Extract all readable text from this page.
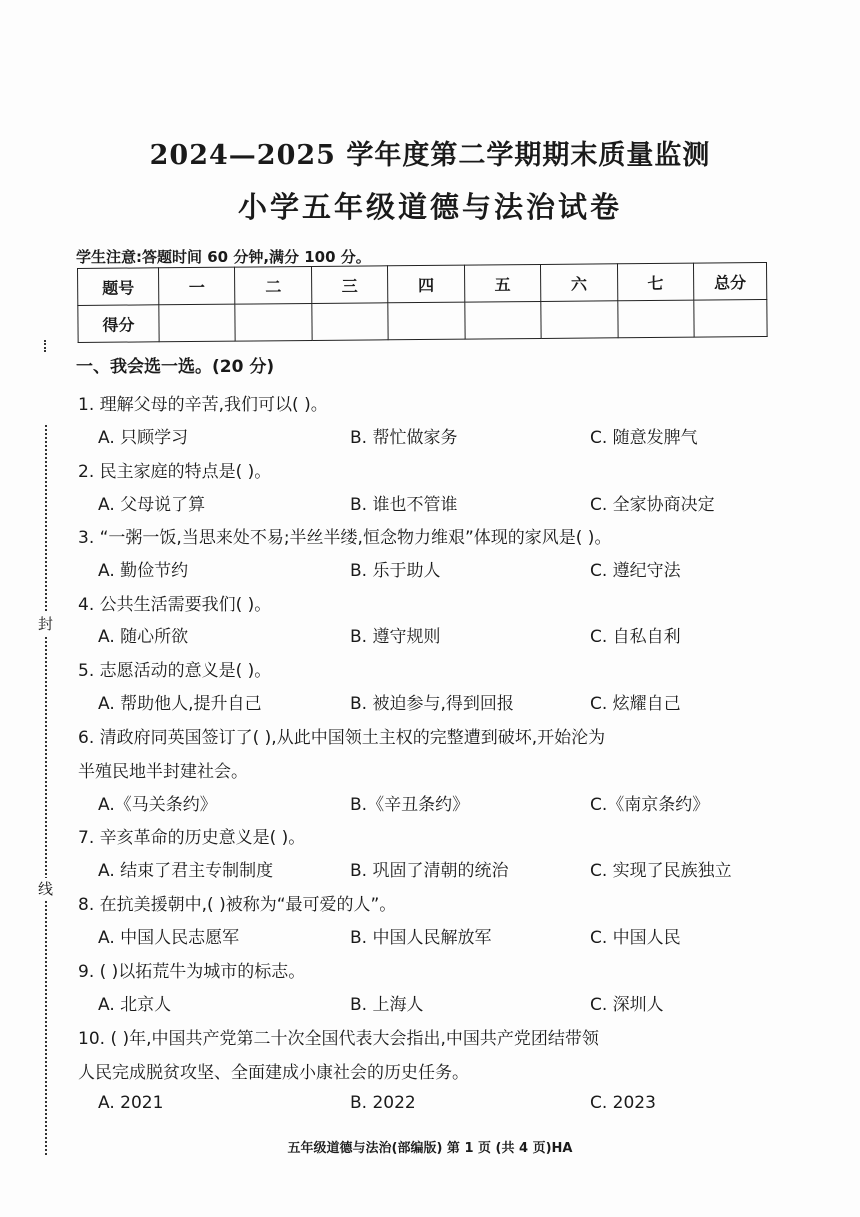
封
线
2024—2025 学年度第二学期期末质量监测
小学五年级道德与法治试卷
学生注意:答题时间 60 分钟,满分 100 分。
题号	一	二	三	四	五	六	七	总分
得分								
一、我会选一选。(20 分)
1. 理解父母的辛苦,我们可以( )。
A. 只顾学习	B. 帮忙做家务	C. 随意发脾气
2. 民主家庭的特点是( )。
A. 父母说了算	B. 谁也不管谁	C. 全家协商决定
3. “一粥一饭,当思来处不易;半丝半缕,恒念物力维艰”体现的家风是( )。
A. 勤俭节约	B. 乐于助人	C. 遵纪守法
4. 公共生活需要我们( )。
A. 随心所欲	B. 遵守规则	C. 自私自利
5. 志愿活动的意义是( )。
A. 帮助他人,提升自己	B. 被迫参与,得到回报	C. 炫耀自己
6. 清政府同英国签订了( ),从此中国领土主权的完整遭到破坏,开始沦为
半殖民地半封建社会。
A.《马关条约》	B.《辛丑条约》	C.《南京条约》
7. 辛亥革命的历史意义是( )。
A. 结束了君主专制制度	B. 巩固了清朝的统治	C. 实现了民族独立
8. 在抗美援朝中,( )被称为“最可爱的人”。
A. 中国人民志愿军	B. 中国人民解放军	C. 中国人民
9. ( )以拓荒牛为城市的标志。
A. 北京人	B. 上海人	C. 深圳人
10. ( )年,中国共产党第二十次全国代表大会指出,中国共产党团结带领
人民完成脱贫攻坚、全面建成小康社会的历史任务。
A. 2021	B. 2022	C. 2023
五年级道德与法治(部编版) 第 1 页 (共 4 页)HA
